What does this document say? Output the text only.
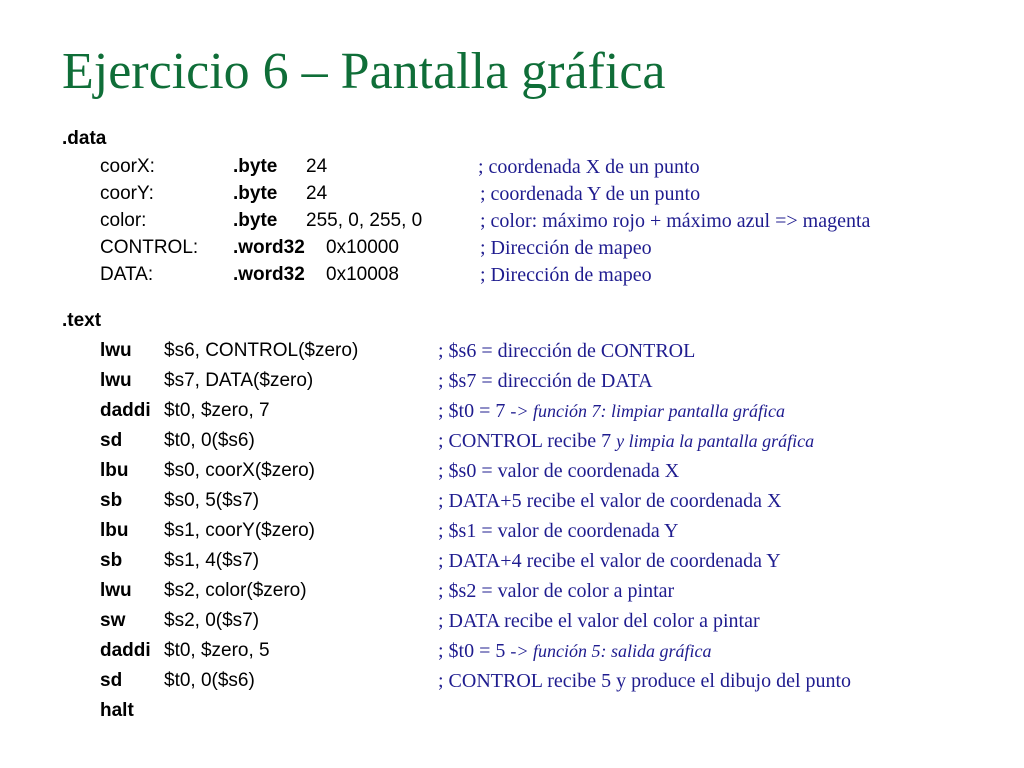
Ejercicio 6 – Pantalla gráfica
.data
coorX:	.byte 24	; coordenada X de un punto
coorY:	.byte 24	; coordenada Y de un punto
color:	.byte 255, 0, 255, 0	; color: máximo rojo + máximo azul => magenta
CONTROL: .word32 0x10000	; Dirección de mapeo
DATA:	.word32 0x10008	; Dirección de mapeo
.text
lwu $s6, CONTROL($zero)	; $s6 = dirección de CONTROL
lwu $s7, DATA($zero)	; $s7 = dirección de DATA
daddi $t0, $zero, 7	; $t0 = 7 -> función 7: limpiar pantalla gráfica
sd $t0, 0($s6)	; CONTROL recibe 7 y limpia la pantalla gráfica
lbu $s0, coorX($zero)	; $s0 = valor de coordenada X
sb $s0, 5($s7)	; DATA+5 recibe el valor de coordenada X
lbu $s1, coorY($zero)	; $s1 = valor de coordenada Y
sb $s1, 4($s7)	; DATA+4 recibe el valor de coordenada Y
lwu $s2, color($zero)	; $s2 = valor de color a pintar
sw $s2, 0($s7)	; DATA recibe el valor del color a pintar
daddi $t0, $zero, 5	; $t0 = 5 -> función 5: salida gráfica
sd $t0, 0($s6)	; CONTROL recibe 5 y produce el dibujo del punto
halt
